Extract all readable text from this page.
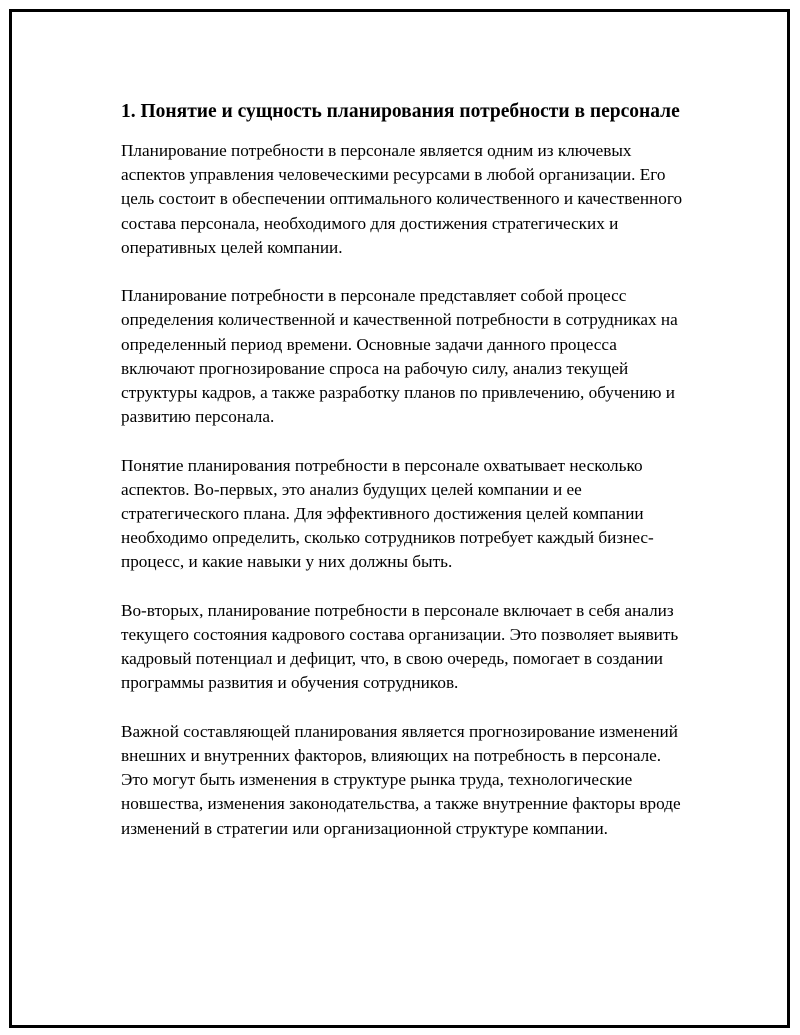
1. Понятие и сущность планирования потребности в персонале

Планирование потребности в персонале является одним из ключевых аспектов управления человеческими ресурсами в любой организации. Его цель состоит в обеспечении оптимального количественного и качественного состава персонала, необходимого для достижения стратегических и оперативных целей компании.

Планирование потребности в персонале представляет собой процесс определения количественной и качественной потребности в сотрудниках на определенный период времени. Основные задачи данного процесса включают прогнозирование спроса на рабочую силу, анализ текущей структуры кадров, а также разработку планов по привлечению, обучению и развитию персонала.

Понятие планирования потребности в персонале охватывает несколько аспектов. Во-первых, это анализ будущих целей компании и ее стратегического плана. Для эффективного достижения целей компании необходимо определить, сколько сотрудников потребует каждый бизнес-процесс, и какие навыки у них должны быть.

Во-вторых, планирование потребности в персонале включает в себя анализ текущего состояния кадрового состава организации. Это позволяет выявить кадровый потенциал и дефицит, что, в свою очередь, помогает в создании программы развития и обучения сотрудников.

Важной составляющей планирования является прогнозирование изменений внешних и внутренних факторов, влияющих на потребность в персонале. Это могут быть изменения в структуре рынка труда, технологические новшества, изменения законодательства, а также внутренние факторы вроде изменений в стратегии или организационной структуре компании.
